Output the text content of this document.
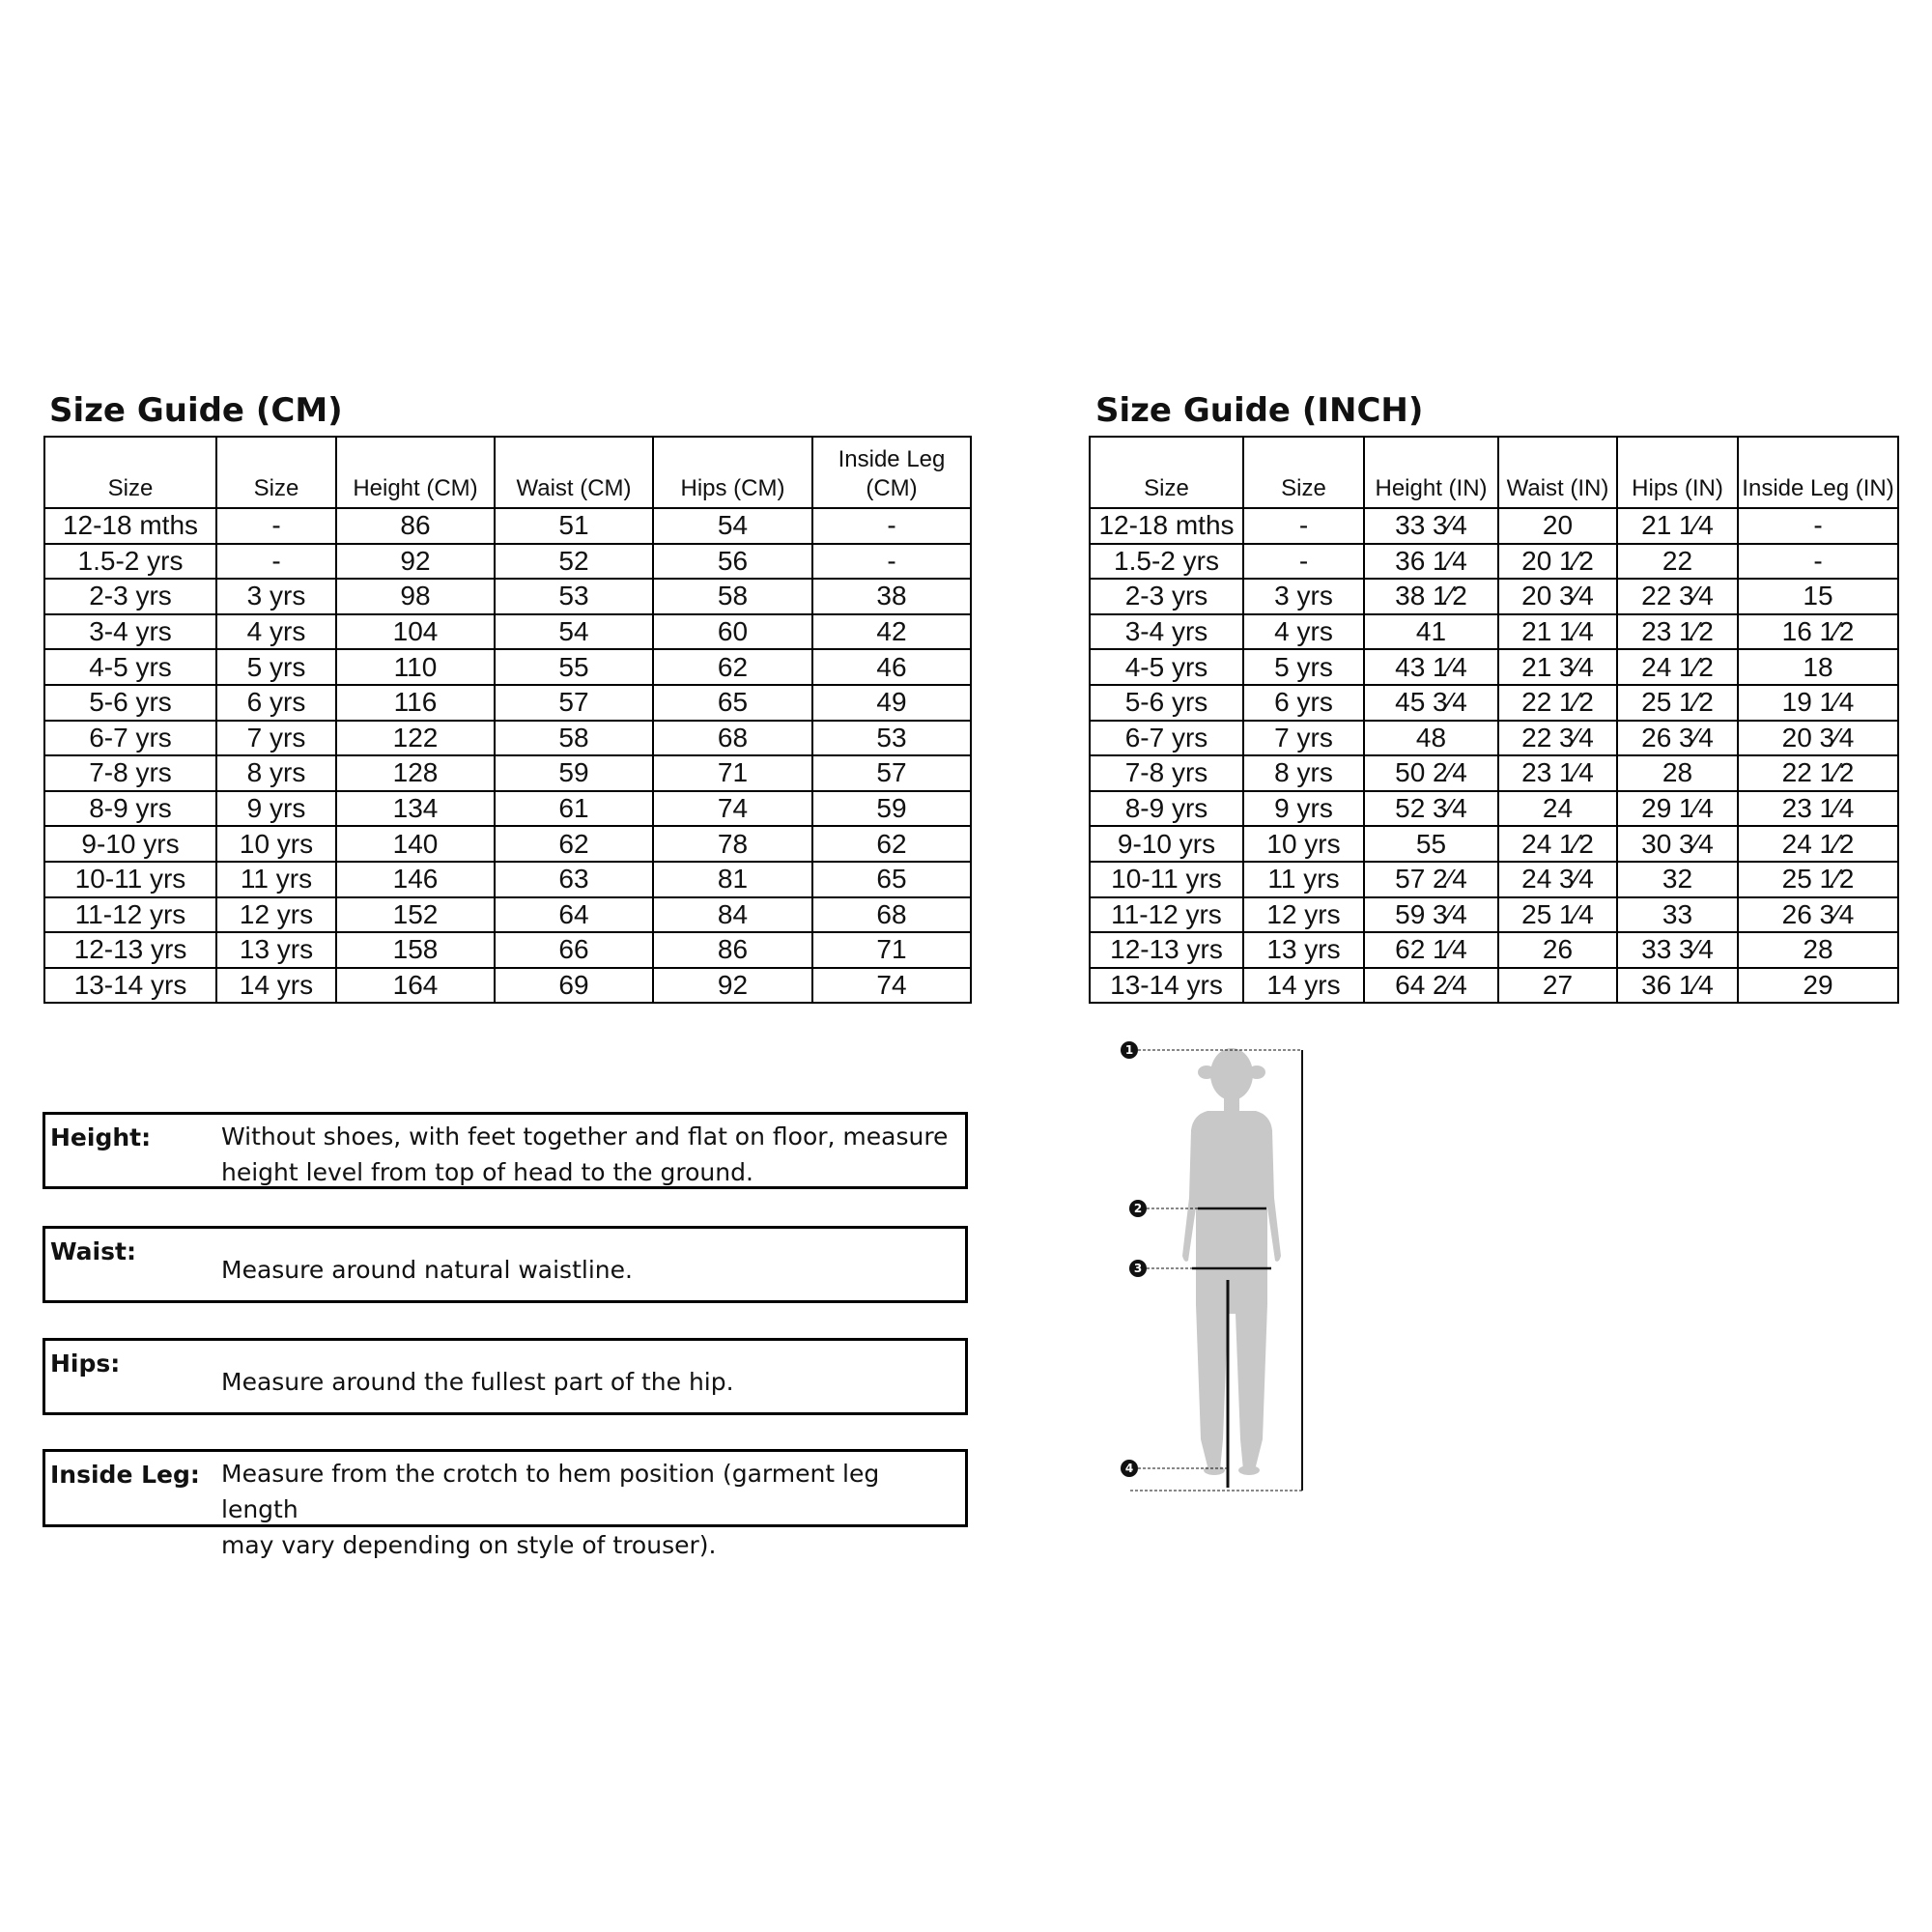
Size Guide (CM)
Size	Size	Height (CM)	Waist (CM)	Hips (CM)	Inside Leg (CM)
12-18 mths	-	86	51	54	-
1.5-2 yrs	-	92	52	56	-
2-3 yrs	3 yrs	98	53	58	38
3-4 yrs	4 yrs	104	54	60	42
4-5 yrs	5 yrs	110	55	62	46
5-6 yrs	6 yrs	116	57	65	49
6-7 yrs	7 yrs	122	58	68	53
7-8 yrs	8 yrs	128	59	71	57
8-9 yrs	9 yrs	134	61	74	59
9-10 yrs	10 yrs	140	62	78	62
10-11 yrs	11 yrs	146	63	81	65
11-12 yrs	12 yrs	152	64	84	68
12-13 yrs	13 yrs	158	66	86	71
13-14 yrs	14 yrs	164	69	92	74
Size Guide (INCH)
Size	Size	Height (IN)	Waist (IN)	Hips (IN)	Inside Leg (IN)
12-18 mths	-	33 3⁄4	20	21 1⁄4	-
1.5-2 yrs	-	36 1⁄4	20 1⁄2	22	-
2-3 yrs	3 yrs	38 1⁄2	20 3⁄4	22 3⁄4	15
3-4 yrs	4 yrs	41	21 1⁄4	23 1⁄2	16 1⁄2
4-5 yrs	5 yrs	43 1⁄4	21 3⁄4	24 1⁄2	18
5-6 yrs	6 yrs	45 3⁄4	22 1⁄2	25 1⁄2	19 1⁄4
6-7 yrs	7 yrs	48	22 3⁄4	26 3⁄4	20 3⁄4
7-8 yrs	8 yrs	50 2⁄4	23 1⁄4	28	22 1⁄2
8-9 yrs	9 yrs	52 3⁄4	24	29 1⁄4	23 1⁄4
9-10 yrs	10 yrs	55	24 1⁄2	30 3⁄4	24 1⁄2
10-11 yrs	11 yrs	57 2⁄4	24 3⁄4	32	25 1⁄2
11-12 yrs	12 yrs	59 3⁄4	25 1⁄4	33	26 3⁄4
12-13 yrs	13 yrs	62 1⁄4	26	33 3⁄4	28
13-14 yrs	14 yrs	64 2⁄4	27	36 1⁄4	29
Height:	Without shoes, with feet together and flat on floor, measure
height level from top of head to the ground.
Waist:
Measure around natural waistline.
Hips:
Measure around the fullest part of the hip.
Inside Leg: Measure from the crotch to hem position (garment leg length
may vary depending on style of trouser).
1
2
3
4
